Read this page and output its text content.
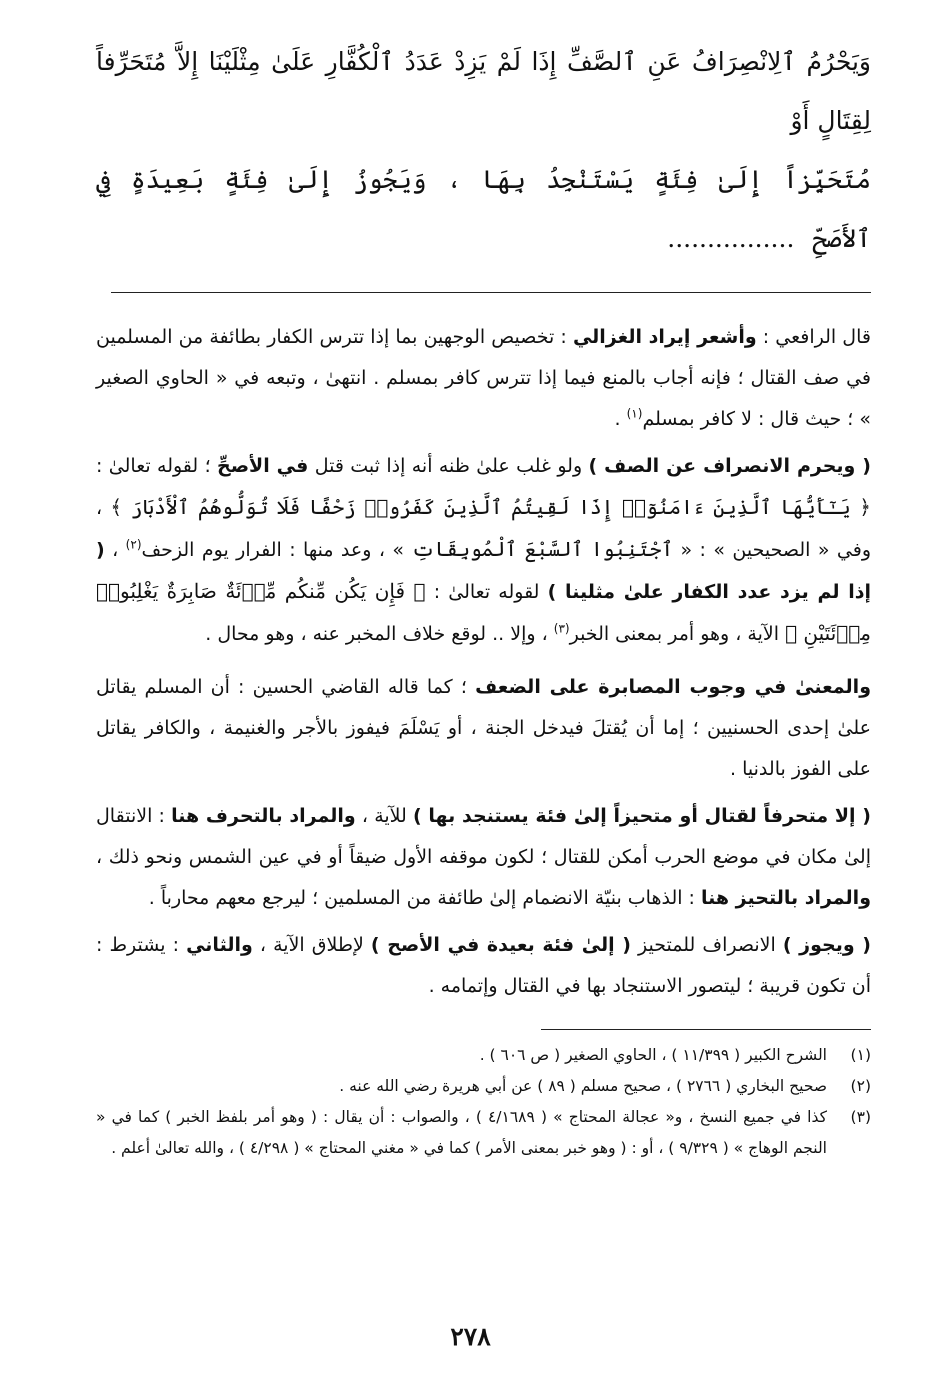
وَيَحْرُمُ ٱلِانْصِرَافُ عَنِ ٱلصَّفِّ إِذَا لَمْ يَزِدْ عَدَدُ ٱلْكُفَّارِ عَلَىٰ مِثْلَيْنَا إِلاَّ مُتَحَرِّفاً لِقِتَالٍ أَوْ
مُتَحَيِّزاً إِلَىٰ فِئَةٍ يَسْتَنْجِدُ بِهَا ، وَيَجُوزُ إِلَىٰ فِئَةٍ بَعِيدَةٍ فِي ٱلأَصَحِّ................

قال الرافعي : وأشعر إيراد الغزالي : تخصيص الوجهين بما إذا تترس الكفار بطائفة من المسلمين في صف القتال ؛ فإنه أجاب بالمنع فيما إذا تترس كافر بمسلم . انتهىٰ ، وتبعه في « الحاوي الصغير » ؛ حيث قال : لا كافر بمسلم$^{(١)}$ .

( ويحرم الانصراف عن الصف ) ولو غلب علىٰ ظنه أنه إذا ثبت قتل في الأصحِّ ؛ لقوله تعالىٰ : ﴿ يَـٰٓأَيُّهَا ٱلَّذِينَ ءَامَنُوٓا۟ إِذَا لَقِيتُمُ ٱلَّذِينَ كَفَرُوا۟ زَحْفًا فَلَا تُوَلُّوهُمُ ٱلْأَدْبَارَ ﴾ ، وفي « الصحيحين » : « ٱجْتَنِبُوا ٱلسَّبْعَ ٱلْمُوبِقَاتِ » ، وعد منها : الفرار يوم الزحف$^{(٢)}$ ، ( إذا لم يزد عدد الكفار علىٰ مثلينا ) لقوله تعالىٰ : ﴿ فَإِن يَكُن مِّنكُم مِّا۟ئَةٌ صَابِرَةٌ يَغْلِبُوا۟ مِا۟ئَتَيْنِ ﴾ الآية ، وهو أمر بمعنى الخبر$^{(٣)}$ ، وإلا .. لوقع خلاف المخبر عنه ، وهو محال .

والمعنىٰ في وجوب المصابرة على الضعف ؛ كما قاله القاضي الحسين : أن المسلم يقاتل علىٰ إحدى الحسنيين ؛ إما أن يُقتلَ فيدخل الجنة ، أو يَسْلَمَ فيفوز بالأجر والغنيمة ، والكافر يقاتل على الفوز بالدنيا .

( إلا متحرفاً لقتال أو متحيزاً إلىٰ فئة يستنجد بها ) للآية ، والمراد بالتحرف هنا : الانتقال إلىٰ مكان في موضع الحرب أمكن للقتال ؛ لكون موقفه الأول ضيقاً أو في عين الشمس ونحو ذلك ، والمراد بالتحيز هنا : الذهاب بنيّة الانضمام إلىٰ طائفة من المسلمين ؛ ليرجع معهم محارباً .

( ويجوز ) الانصراف للمتحيز ( إلىٰ فئة بعيدة في الأصح ) لإطلاق الآية ، والثاني : يشترط : أن تكون قريبة ؛ ليتصور الاستنجاد بها في القتال وإتمامه .

(١)
الشرح الكبير ( ١١/٣٩٩ ) ، الحاوي الصغير ( ص ٦٠٦ ) .
(٢)
صحيح البخاري ( ٢٧٦٦ ) ، صحيح مسلم ( ٨٩ ) عن أبي هريرة رضي الله عنه .
(٣)
كذا في جميع النسخ ، و« عجالة المحتاج » ( ٤/١٦٨٩ ) ، والصواب : أن يقال : ( وهو أمر بلفظ الخبر ) كما في « النجم الوهاج » ( ٩/٣٢٩ ) ، أو : ( وهو خبر بمعنى الأمر ) كما في « مغني المحتاج » ( ٤/٢٩٨ ) ، والله تعالىٰ أعلم .
٢٧٨
